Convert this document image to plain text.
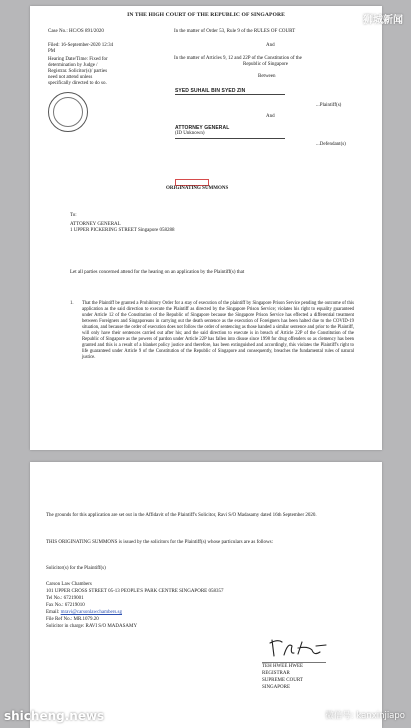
IN THE HIGH COURT OF THE REPUBLIC OF SINGAPORE
Case No.: HC/OS 891/2020
Filed: 16-September-2020 12:34
PM
Hearing Date/Time: Fixed for
determination by Judge /
Registrar. Solicitor(s)/ parties
need not attend unless
specifically directed to do so.
In the matter of Order 53, Rule 9 of the RULES OF COURT
And
In the matter of Articles 9, 12 and 22P of the Constitution of the
Republic of Singapore
Between
SYED SUHAIL BIN SYED ZIN
...Plaintiff(s)
And
ATTORNEY GENERAL
(ID Unknown)
...Defendant(s)
ORIGINATING SUMMONS
To:
ATTORNEY GENERAL
1 UPPER PICKERING STREET Singapore 058288
Let all parties concerned attend for the hearing on an application by the Plaintiff(s) that
1. That the Plaintiff be granted a Prohibitory Order for a stay of execution of the plaintiff by Singapore Prison Service pending the outcome of this application as the said direction to execute the Plaintiff as directed by the Singapore Prison Service; violates his right to equality guaranteed under Article 12 of the Constitution of the Republic of Singapore because the Singapore Prison Service has effected a differential treatment between Foreigners and Singaporeans in carrying out the death sentence as the execution of Foreigners has been halted due to the COVID-19 situation, and because the order of execution does not follow the order of sentencing as those handed a similar sentence and prior to the Plaintiff, will only have their sentences carried out after his; and the said direction to execute is in breach of Article 22P of the Constitution of the Republic of Singapore as the powers of pardon under Article 22P has fallen into disuse since 1998 for drug offenders so as clemency has been granted and this is a result of a blanket policy justice and therefore, has been extinguished and accordingly, this violates the Plaintiff's right to life guaranteed under Article 9 of the Constitution of the Republic of Singapore and consequently, breaches the fundamental rules of natural justice.
The grounds for this application are set out in the Affidavit of the Plaintiff's Solicitor, Ravi S/O Madasamy dated 16th September 2020.
THIS ORIGINATING SUMMONS is issued by the solicitors for the Plaintiff(s) whose particulars are as follows:
Solicitor(s) for the Plaintiff(s)
Carson Law Chambers
101 UPPER CROSS STREET 05-13 PEOPLE'S PARK CENTRE SINGAPORE 058357
Tel No.: 67219001
Fax No.: 67219010
Email: mravi@carsonlawchambers.sg
File Ref No.: MR.1079.20
Solicitor in charge: RAVI S/O MADASAMY
TEH HWEE HWEE
REGISTRAR
SUPREME COURT
SINGAPORE
狮城新闻
shicheng.news	微信号: kanxinjiapo
